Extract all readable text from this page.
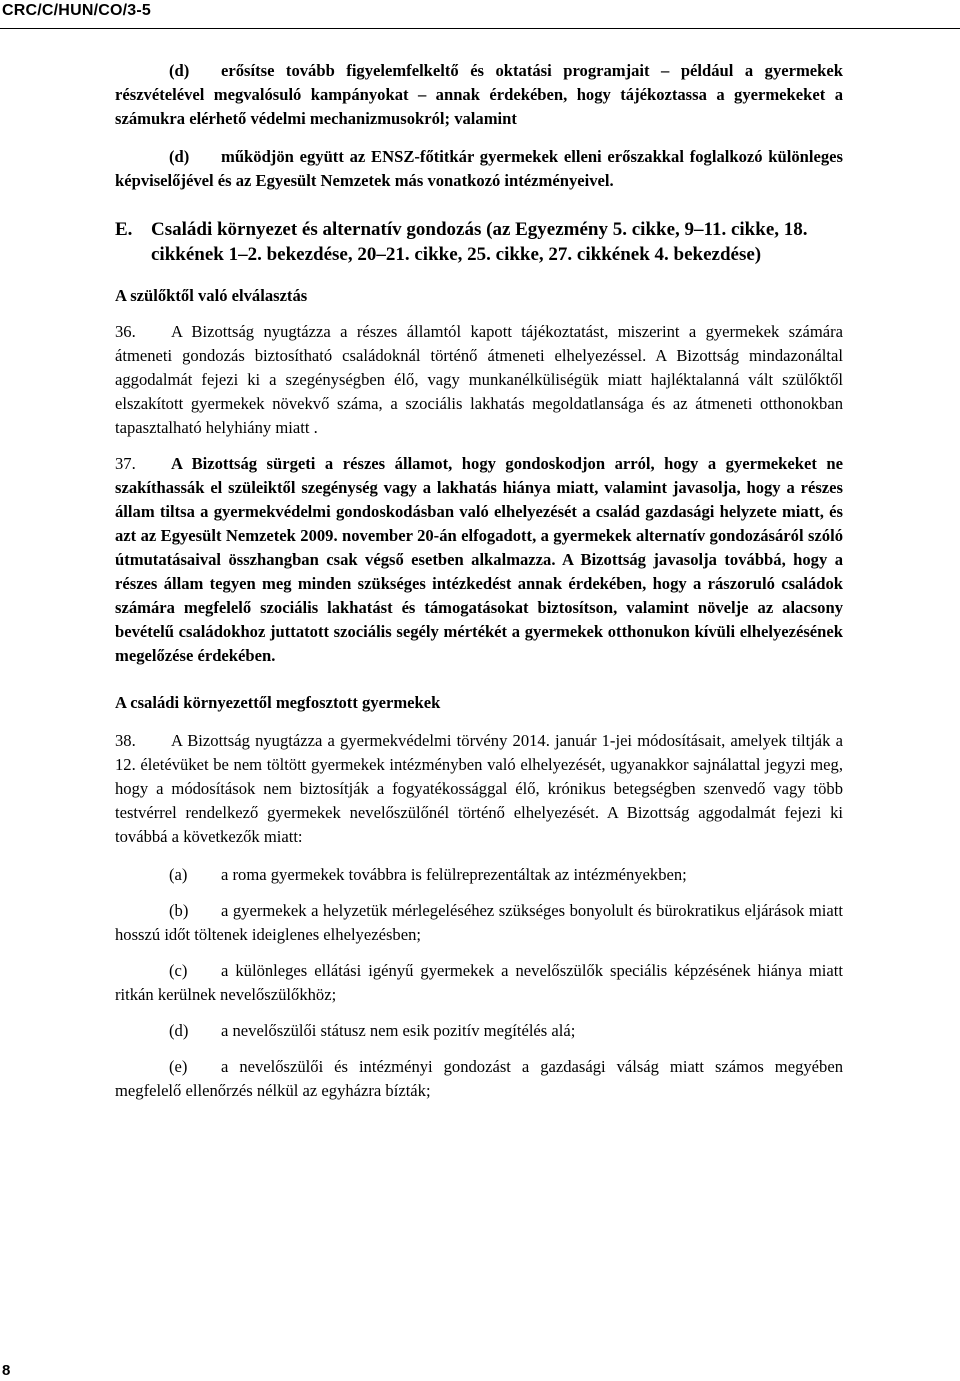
CRC/C/HUN/CO/3-5

(d) erősítse tovább figyelemfelkeltő és oktatási programjait – például a gyermekek részvételével megvalósuló kampányokat – annak érdekében, hogy tájékoztassa a gyermekeket a számukra elérhető védelmi mechanizmusokról; valamint

(d) működjön együtt az ENSZ-főtitkár gyermekek elleni erőszakkal foglalkozó különleges képviselőjével és az Egyesült Nemzetek más vonatkozó intézményeivel.

E. Családi környezet és alternatív gondozás (az Egyezmény 5. cikke, 9–11. cikke, 18. cikkének 1–2. bekezdése, 20–21. cikke, 25. cikke, 27. cikkének 4. bekezdése)
A szülőktől való elválasztás

36. A Bizottság nyugtázza a részes államtól kapott tájékoztatást, miszerint a gyermekek számára átmeneti gondozás biztosítható családoknál történő átmeneti elhelyezéssel. A Bizottság mindazonáltal aggodalmát fejezi ki a szegénységben élő, vagy munkanélküliségük miatt hajléktalanná vált szülőktől elszakított gyermekek növekvő száma, a szociális lakhatás megoldatlansága és az átmeneti otthonokban tapasztalható helyhiány miatt .

37. A Bizottság sürgeti a részes államot, hogy gondoskodjon arról, hogy a gyermekeket ne szakíthassák el szüleiktől szegénység vagy a lakhatás hiánya miatt, valamint javasolja, hogy a részes állam tiltsa a gyermekvédelmi gondoskodásban való elhelyezését a család gazdasági helyzete miatt, és azt az Egyesült Nemzetek 2009. november 20-án elfogadott, a gyermekek alternatív gondozásáról szóló útmutatásaival összhangban csak végső esetben alkalmazza. A Bizottság javasolja továbbá, hogy a részes állam tegyen meg minden szükséges intézkedést annak érdekében, hogy a rászoruló családok számára megfelelő szociális lakhatást és támogatásokat biztosítson, valamint növelje az alacsony bevételű családokhoz juttatott szociális segély mértékét a gyermekek otthonukon kívüli elhelyezésének megelőzése érdekében.

A családi környezettől megfosztott gyermekek

38. A Bizottság nyugtázza a gyermekvédelmi törvény 2014. január 1-jei módosításait, amelyek tiltják a 12. életévüket be nem töltött gyermekek intézményben való elhelyezését, ugyanakkor sajnálattal jegyzi meg, hogy a módosítások nem biztosítják a fogyatékossággal élő, krónikus betegségben szenvedő vagy több testvérrel rendelkező gyermekek nevelőszülőnél történő elhelyezését. A Bizottság aggodalmát fejezi ki továbbá a következők miatt:

(a) a roma gyermekek továbbra is felülreprezentáltak az intézményekben;

(b) a gyermekek a helyzetük mérlegeléséhez szükséges bonyolult és bürokratikus eljárások miatt hosszú időt töltenek ideiglenes elhelyezésben;

(c) a különleges ellátási igényű gyermekek a nevelőszülők speciális képzésének hiánya miatt ritkán kerülnek nevelőszülőkhöz;

(d) a nevelőszülői státusz nem esik pozitív megítélés alá;

(e) a nevelőszülői és intézményi gondozást a gazdasági válság miatt számos megyében megfelelő ellenőrzés nélkül az egyházra bízták;

8
